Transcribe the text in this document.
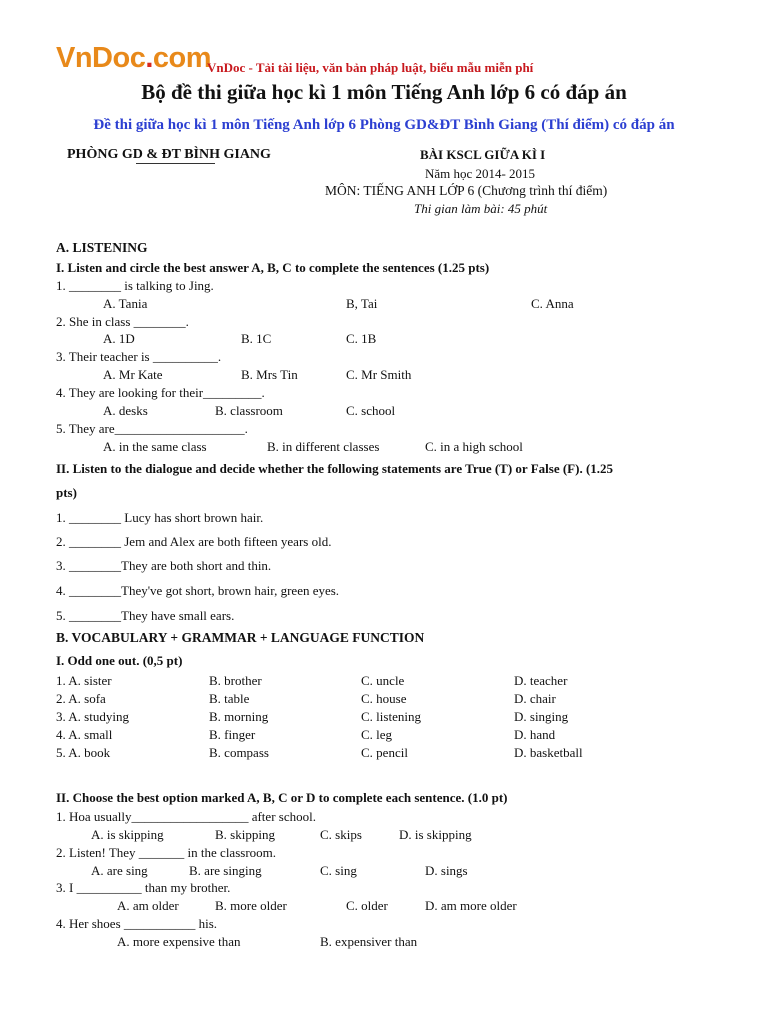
VnDoc.com
VnDoc - Tải tài liệu, văn bản pháp luật, biểu mẫu miễn phí
Bộ đề thi giữa học kì 1 môn Tiếng Anh lớp 6 có đáp án
Đề thi giữa học kì 1 môn Tiếng Anh lớp 6 Phòng GD&ĐT Bình Giang (Thí điểm) có đáp án
PHÒNG GD & ĐT BÌNH GIANG	BÀI KSCL GIỮA KÌ I
Năm học 2014- 2015
MÔN: TIẾNG ANH LỚP 6 (Chương trình thí điểm)
Thi gian làm bài: 45 phút
A. LISTENING
I. Listen and circle the best answer A, B, C to complete the sentences (1.25 pts)
1. ________ is talking to Jing.
A. Tania	B, Tai	C. Anna
2. She in class ________.
A. 1D	B. 1C	C. 1B
3. Their teacher is __________.
A. Mr Kate	B. Mrs Tin	C. Mr Smith
4. They are looking for their_________.
A. desks	B. classroom	C. school
5. They are____________________.
A. in the same class	B. in different classes	C. in a high school
II. Listen to the dialogue and decide whether the following statements are True (T) or False (F). (1.25
pts)
1. ________ Lucy has short brown hair.
2. ________ Jem and Alex are both fifteen years old.
3. ________They are both short and thin.
4. ________They've got short, brown hair, green eyes.
5. ________They have small ears.
B. VOCABULARY + GRAMMAR + LANGUAGE FUNCTION
I. Odd one out. (0,5 pt)
1. A. sister	B. brother	C. uncle	D. teacher
2. A. sofa	B. table	C. house	D. chair
3. A. studying	B. morning	C. listening	D. singing
4. A. small	B. finger	C. leg	D. hand
5. A. book	B. compass	C. pencil	D. basketball
II. Choose the best option marked A, B, C or D to complete each sentence. (1.0 pt)
1. Hoa usually__________________ after school.
A. is skipping	B. skipping	C. skips	D. is skipping
2. Listen! They _______ in the classroom.
A. are sing	B. are singing	C. sing	D. sings
3. I __________ than my brother.
A. am older	B. more older	C. older	D. am more older
4. Her shoes ___________ his.
A. more expensive than	B. expensiver than
